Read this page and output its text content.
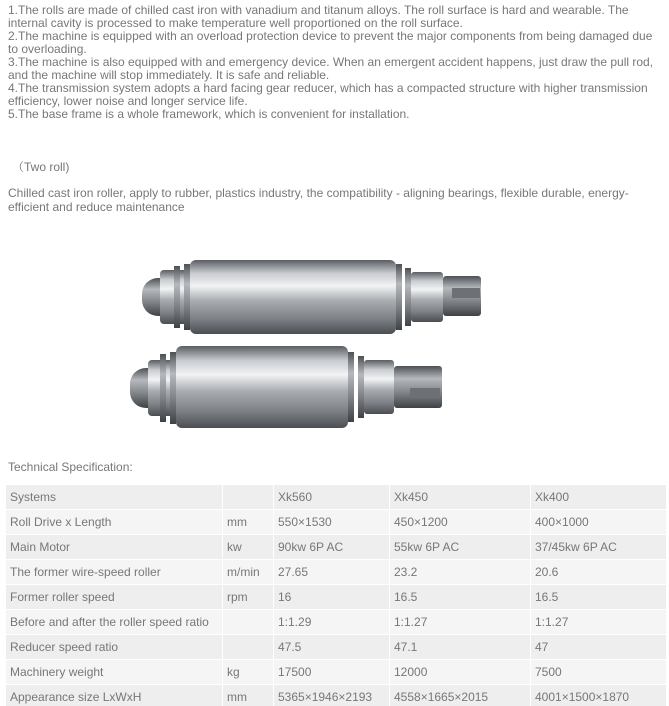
1.The rolls are made of chilled cast iron with vanadium and titanum alloys. The roll surface is hard and wearable. The internal cavity is processed to make temperature well proportioned on the roll surface.

2.The machine is equipped with an overload protection device to prevent the major components from being damaged due to overloading.

3.The machine is also equipped with and emergency device. When an emergent accident happens, just draw the pull rod, and the machine will stop immediately. It is safe and reliable.

4.The transmission system adopts a hard facing gear reducer, which has a compacted structure with higher transmission efficiency, lower noise and longer service life.

5.The base frame is a whole framework, which is convenient for installation.

（Two roll)
Chilled cast iron roller, apply to rubber, plastics industry, the compatibility - aligning bearings, flexible durable, energy-efficient and reduce maintenance
Technical Specification:
Systems		Xk560	Xk450	Xk400
Roll Drive x Length	mm	550×1530	450×1200	400×1000
Main Motor	kw	90kw 6P AC	55kw 6P AC	37/45kw 6P AC
The former wire-speed roller	m/min	27.65	23.2	20.6
Former roller speed	rpm	16	16.5	16.5
Before and after the roller speed ratio		1:1.29	1:1.27	1:1.27
Reducer speed ratio		47.5	47.1	47
Machinery weight	kg	17500	12000	7500
Appearance size LxWxH	mm	5365×1946×2193	4558×1665×2015	4001×1500×1870
